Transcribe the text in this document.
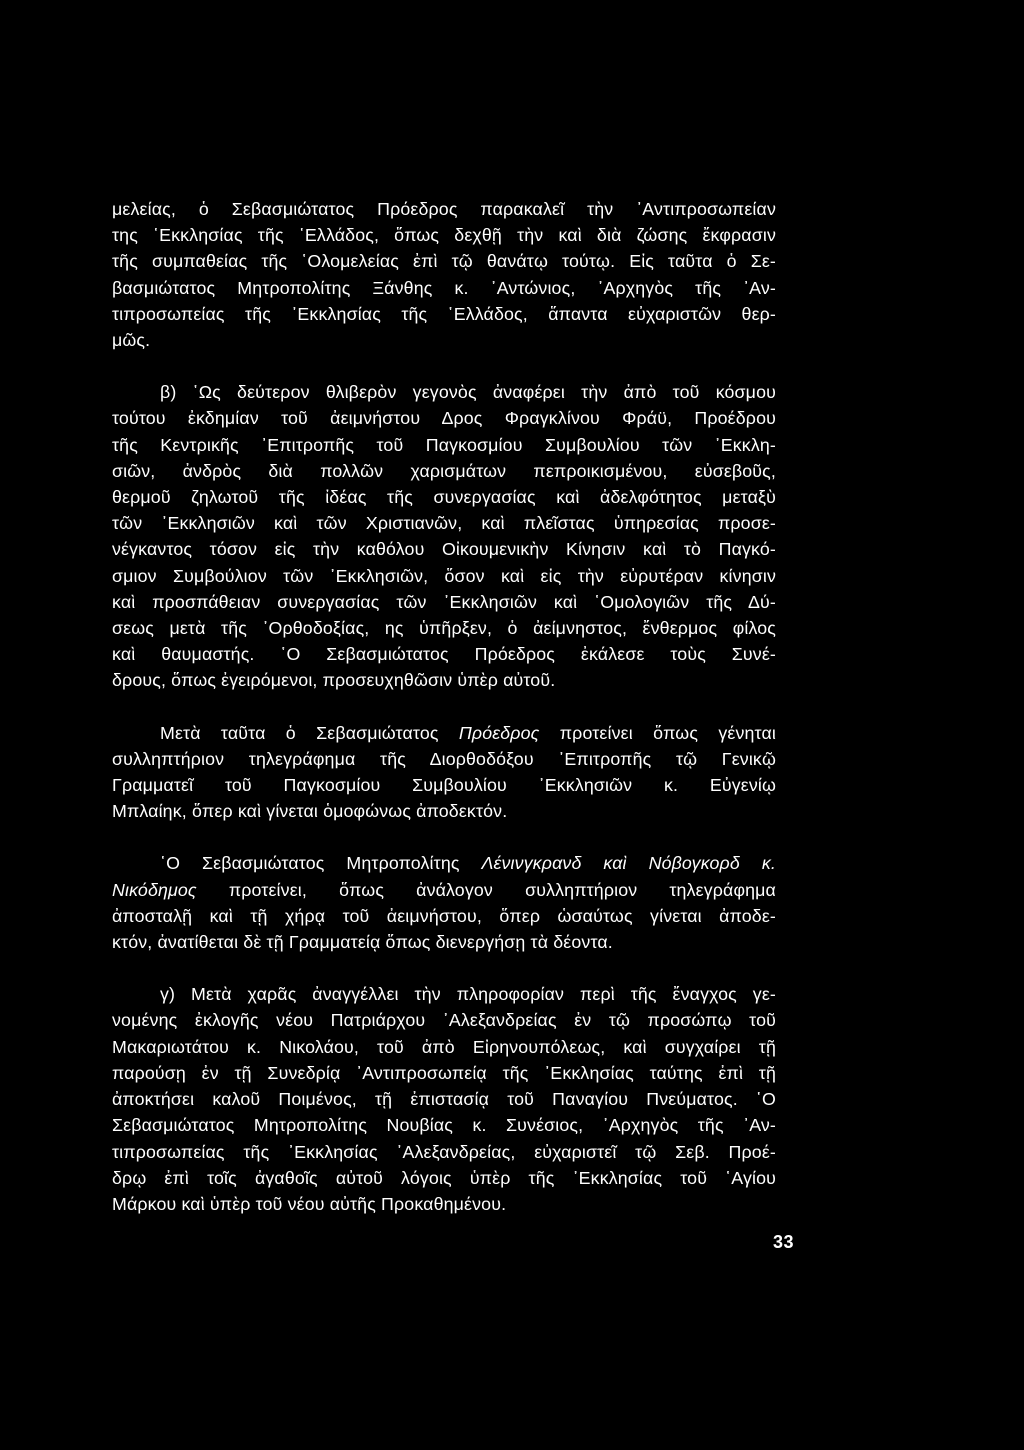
μελείας, ὁ Σεβασμιώτατος Πρόεδρος παρακαλεῖ τὴν ᾿Αντιπροσωπείαν
της ῾Εκκλησίας τῆς ῾Ελλάδος, ὅπως δεχθῇ τὴν καὶ διὰ ζώσης ἔκφρασιν
τῆς συμπαθείας τῆς ῾Ολομελείας ἐπὶ τῷ θανάτῳ τούτῳ. Εἰς ταῦτα ὁ Σε-
βασμιώτατος Μητροπολίτης Ξάνθης κ. ᾿Αντώνιος, ᾿Αρχηγὸς τῆς ᾿Αν-
τιπροσωπείας τῆς ᾿Εκκλησίας τῆς ῾Ελλάδος, ἅπαντα εὐχαριστῶν θερ-
μῶς.

β) ῾Ως δεύτερον θλιβερὸν γεγονὸς ἀναφέρει τὴν ἀπὸ τοῦ κόσμου
τούτου ἐκδημίαν τοῦ ἀειμνήστου Δρος Φραγκλίνου Φράϋ, Προέδρου
τῆς Κεντρικῆς ᾿Επιτροπῆς τοῦ Παγκοσμίου Συμβουλίου τῶν ᾿Εκκλη-
σιῶν, ἀνδρὸς διὰ πολλῶν χαρισμάτων πεπροικισμένου, εὐσεβοῦς,
θερμοῦ ζηλωτοῦ τῆς ἰδέας τῆς συνεργασίας καὶ ἀδελφότητος μεταξὺ
τῶν ᾿Εκκλησιῶν καὶ τῶν Χριστιανῶν, καὶ πλεῖστας ὑπηρεσίας προσε-
νέγκαντος τόσον εἰς τὴν καθόλου Οἰκουμενικὴν Κίνησιν καὶ τὸ Παγκό-
σμιον Συμβούλιον τῶν ᾿Εκκλησιῶν, ὅσον καὶ εἰς τὴν εὐρυτέραν κίνησιν
καὶ προσπάθειαν συνεργασίας τῶν ᾿Εκκλησιῶν καὶ ῾Ομολογιῶν τῆς Δύ-
σεως μετὰ τῆς ᾿Ορθοδοξίας, ης ὑπῆρξεν, ὁ ἀείμνηστος, ἔνθερμος φίλος
καὶ θαυμαστής. ῾Ο Σεβασμιώτατος Πρόεδρος ἐκάλεσε τοὺς Συνέ-
δρους, ὅπως ἐγειρόμενοι, προσευχηθῶσιν ὑπὲρ αὐτοῦ.

Μετὰ ταῦτα ὁ Σεβασμιώτατος Πρόεδρος προτείνει ὅπως γένηται
συλληπτήριον τηλεγράφημα τῆς Διορθοδόξου ᾿Επιτροπῆς τῷ Γενικῷ
Γραμματεῖ τοῦ Παγκοσμίου Συμβουλίου ᾿Εκκλησιῶν κ. Εὐγενίῳ
Μπλαίηκ, ὅπερ καὶ γίνεται ὁμοφώνως ἀποδεκτόν.

῾Ο Σεβασμιώτατος Μητροπολίτης Λένινγκρανδ καὶ Νόβογκορδ κ.
Νικόδημος προτείνει, ὅπως ἀνάλογον συλληπτήριον τηλεγράφημα
ἀποσταλῇ καὶ τῇ χήρᾳ τοῦ ἀειμνήστου, ὅπερ ὡσαύτως γίνεται ἀποδε-
κτόν, ἀνατίθεται δὲ τῇ Γραμματείᾳ ὅπως διενεργήσῃ τὰ δέοντα.

γ) Μετὰ χαρᾶς ἀναγγέλλει τὴν πληροφορίαν περὶ τῆς ἔναγχος γε-
νομένης ἐκλογῆς νέου Πατριάρχου ᾿Αλεξανδρείας ἐν τῷ προσώπῳ τοῦ
Μακαριωτάτου κ. Νικολάου, τοῦ ἀπὸ Εἰρηνουπόλεως, καὶ συγχαίρει τῇ
παρούσῃ ἐν τῇ Συνεδρίᾳ ᾿Αντιπροσωπείᾳ τῆς ᾿Εκκλησίας ταύτης ἐπὶ τῇ
ἀποκτήσει καλοῦ Ποιμένος, τῇ ἐπιστασίᾳ τοῦ Παναγίου Πνεύματος. ῾Ο
Σεβασμιώτατος Μητροπολίτης Νουβίας κ. Συνέσιος, ᾿Αρχηγὸς τῆς ᾿Αν-
τιπροσωπείας τῆς ᾿Εκκλησίας ᾿Αλεξανδρείας, εὐχαριστεῖ τῷ Σεβ. Προέ-
δρῳ ἐπὶ τοῖς ἀγαθοῖς αὐτοῦ λόγοις ὑπὲρ τῆς ᾿Εκκλησίας τοῦ ῾Αγίου
Μάρκου καὶ ὑπὲρ τοῦ νέου αὐτῆς Προκαθημένου.

33
